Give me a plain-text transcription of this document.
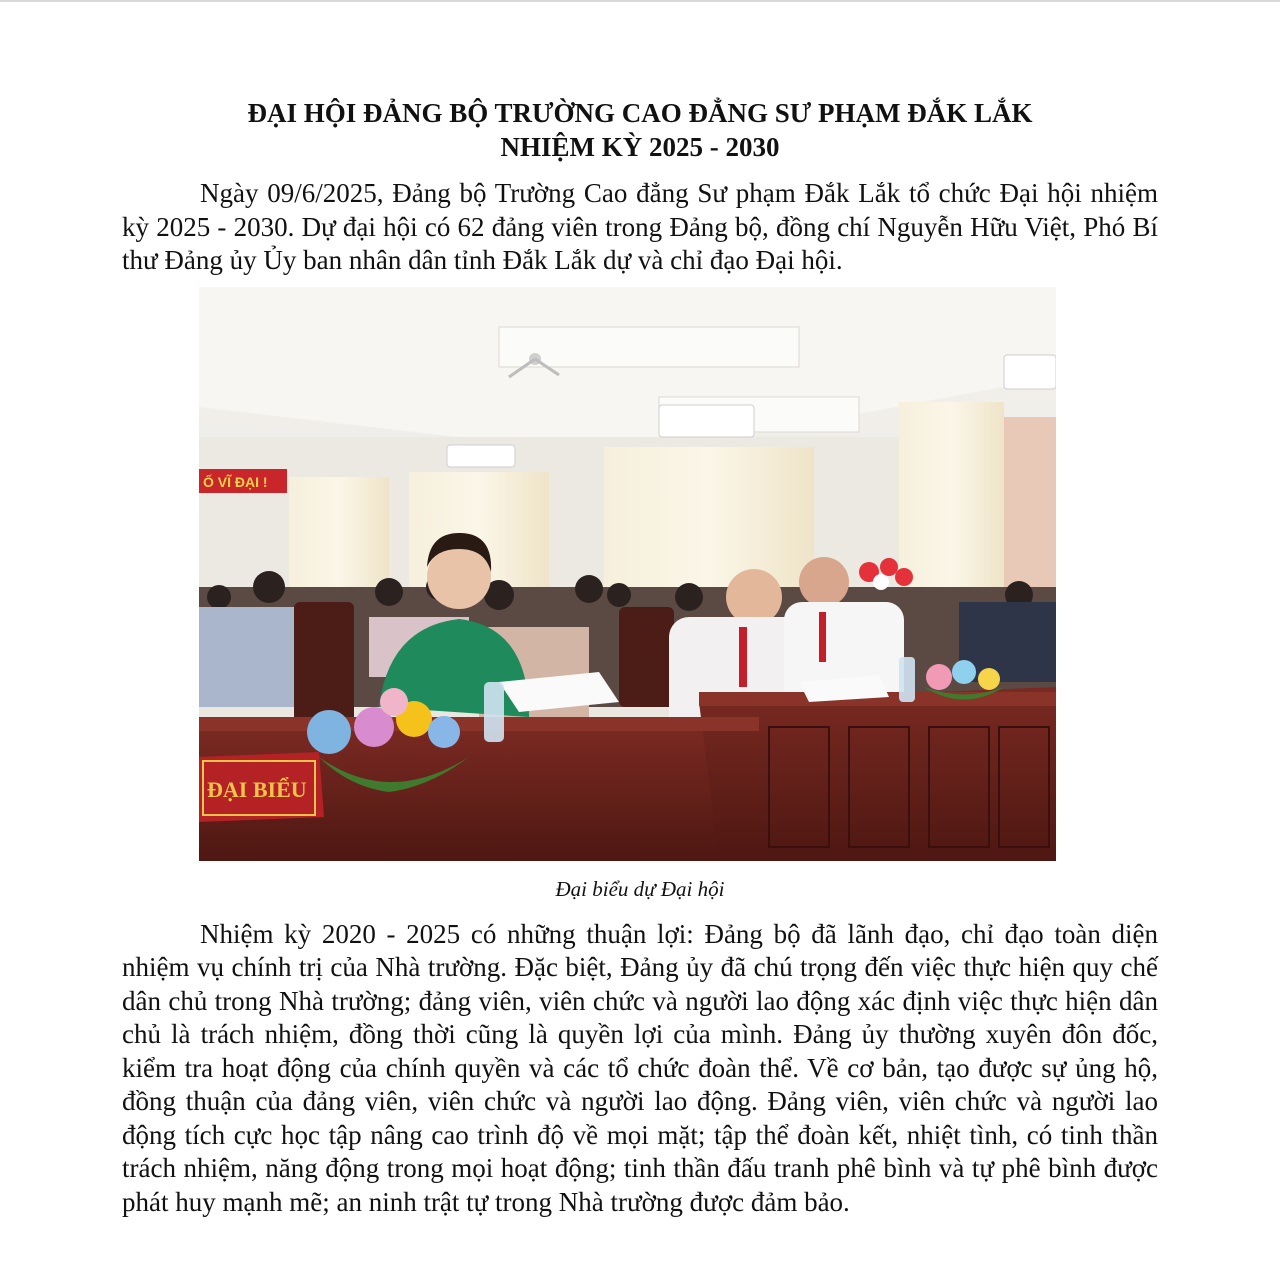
ĐẠI HỘI ĐẢNG BỘ TRƯỜNG CAO ĐẲNG SƯ PHẠM ĐẮK LẮK
NHIỆM KỲ 2025 - 2030

Ngày 09/6/2025, Đảng bộ Trường Cao đẳng Sư phạm Đắk Lắk tổ chức Đại hội nhiệm kỳ 2025 - 2030. Dự đại hội có 62 đảng viên trong Đảng bộ, đồng chí Nguyễn Hữu Việt, Phó Bí thư Đảng ủy Ủy ban nhân dân tỉnh Đắk Lắk dự và chỉ đạo Đại hội.

Ố VĨ ĐẠI !
ĐẠI BIỂU
Đại biểu dự Đại hội

Nhiệm kỳ 2020 - 2025 có những thuận lợi: Đảng bộ đã lãnh đạo, chỉ đạo toàn diện nhiệm vụ chính trị của Nhà trường. Đặc biệt, Đảng ủy đã chú trọng đến việc thực hiện quy chế dân chủ trong Nhà trường; đảng viên, viên chức và người lao động xác định việc thực hiện dân chủ là trách nhiệm, đồng thời cũng là quyền lợi của mình. Đảng ủy thường xuyên đôn đốc, kiểm tra hoạt động của chính quyền và các tổ chức đoàn thể. Về cơ bản, tạo được sự ủng hộ, đồng thuận của đảng viên, viên chức và người lao động. Đảng viên, viên chức và người lao động tích cực học tập nâng cao trình độ về mọi mặt; tập thể đoàn kết, nhiệt tình, có tinh thần trách nhiệm, năng động trong mọi hoạt động; tinh thần đấu tranh phê bình và tự phê bình được phát huy mạnh mẽ; an ninh trật tự trong Nhà trường được đảm bảo.
